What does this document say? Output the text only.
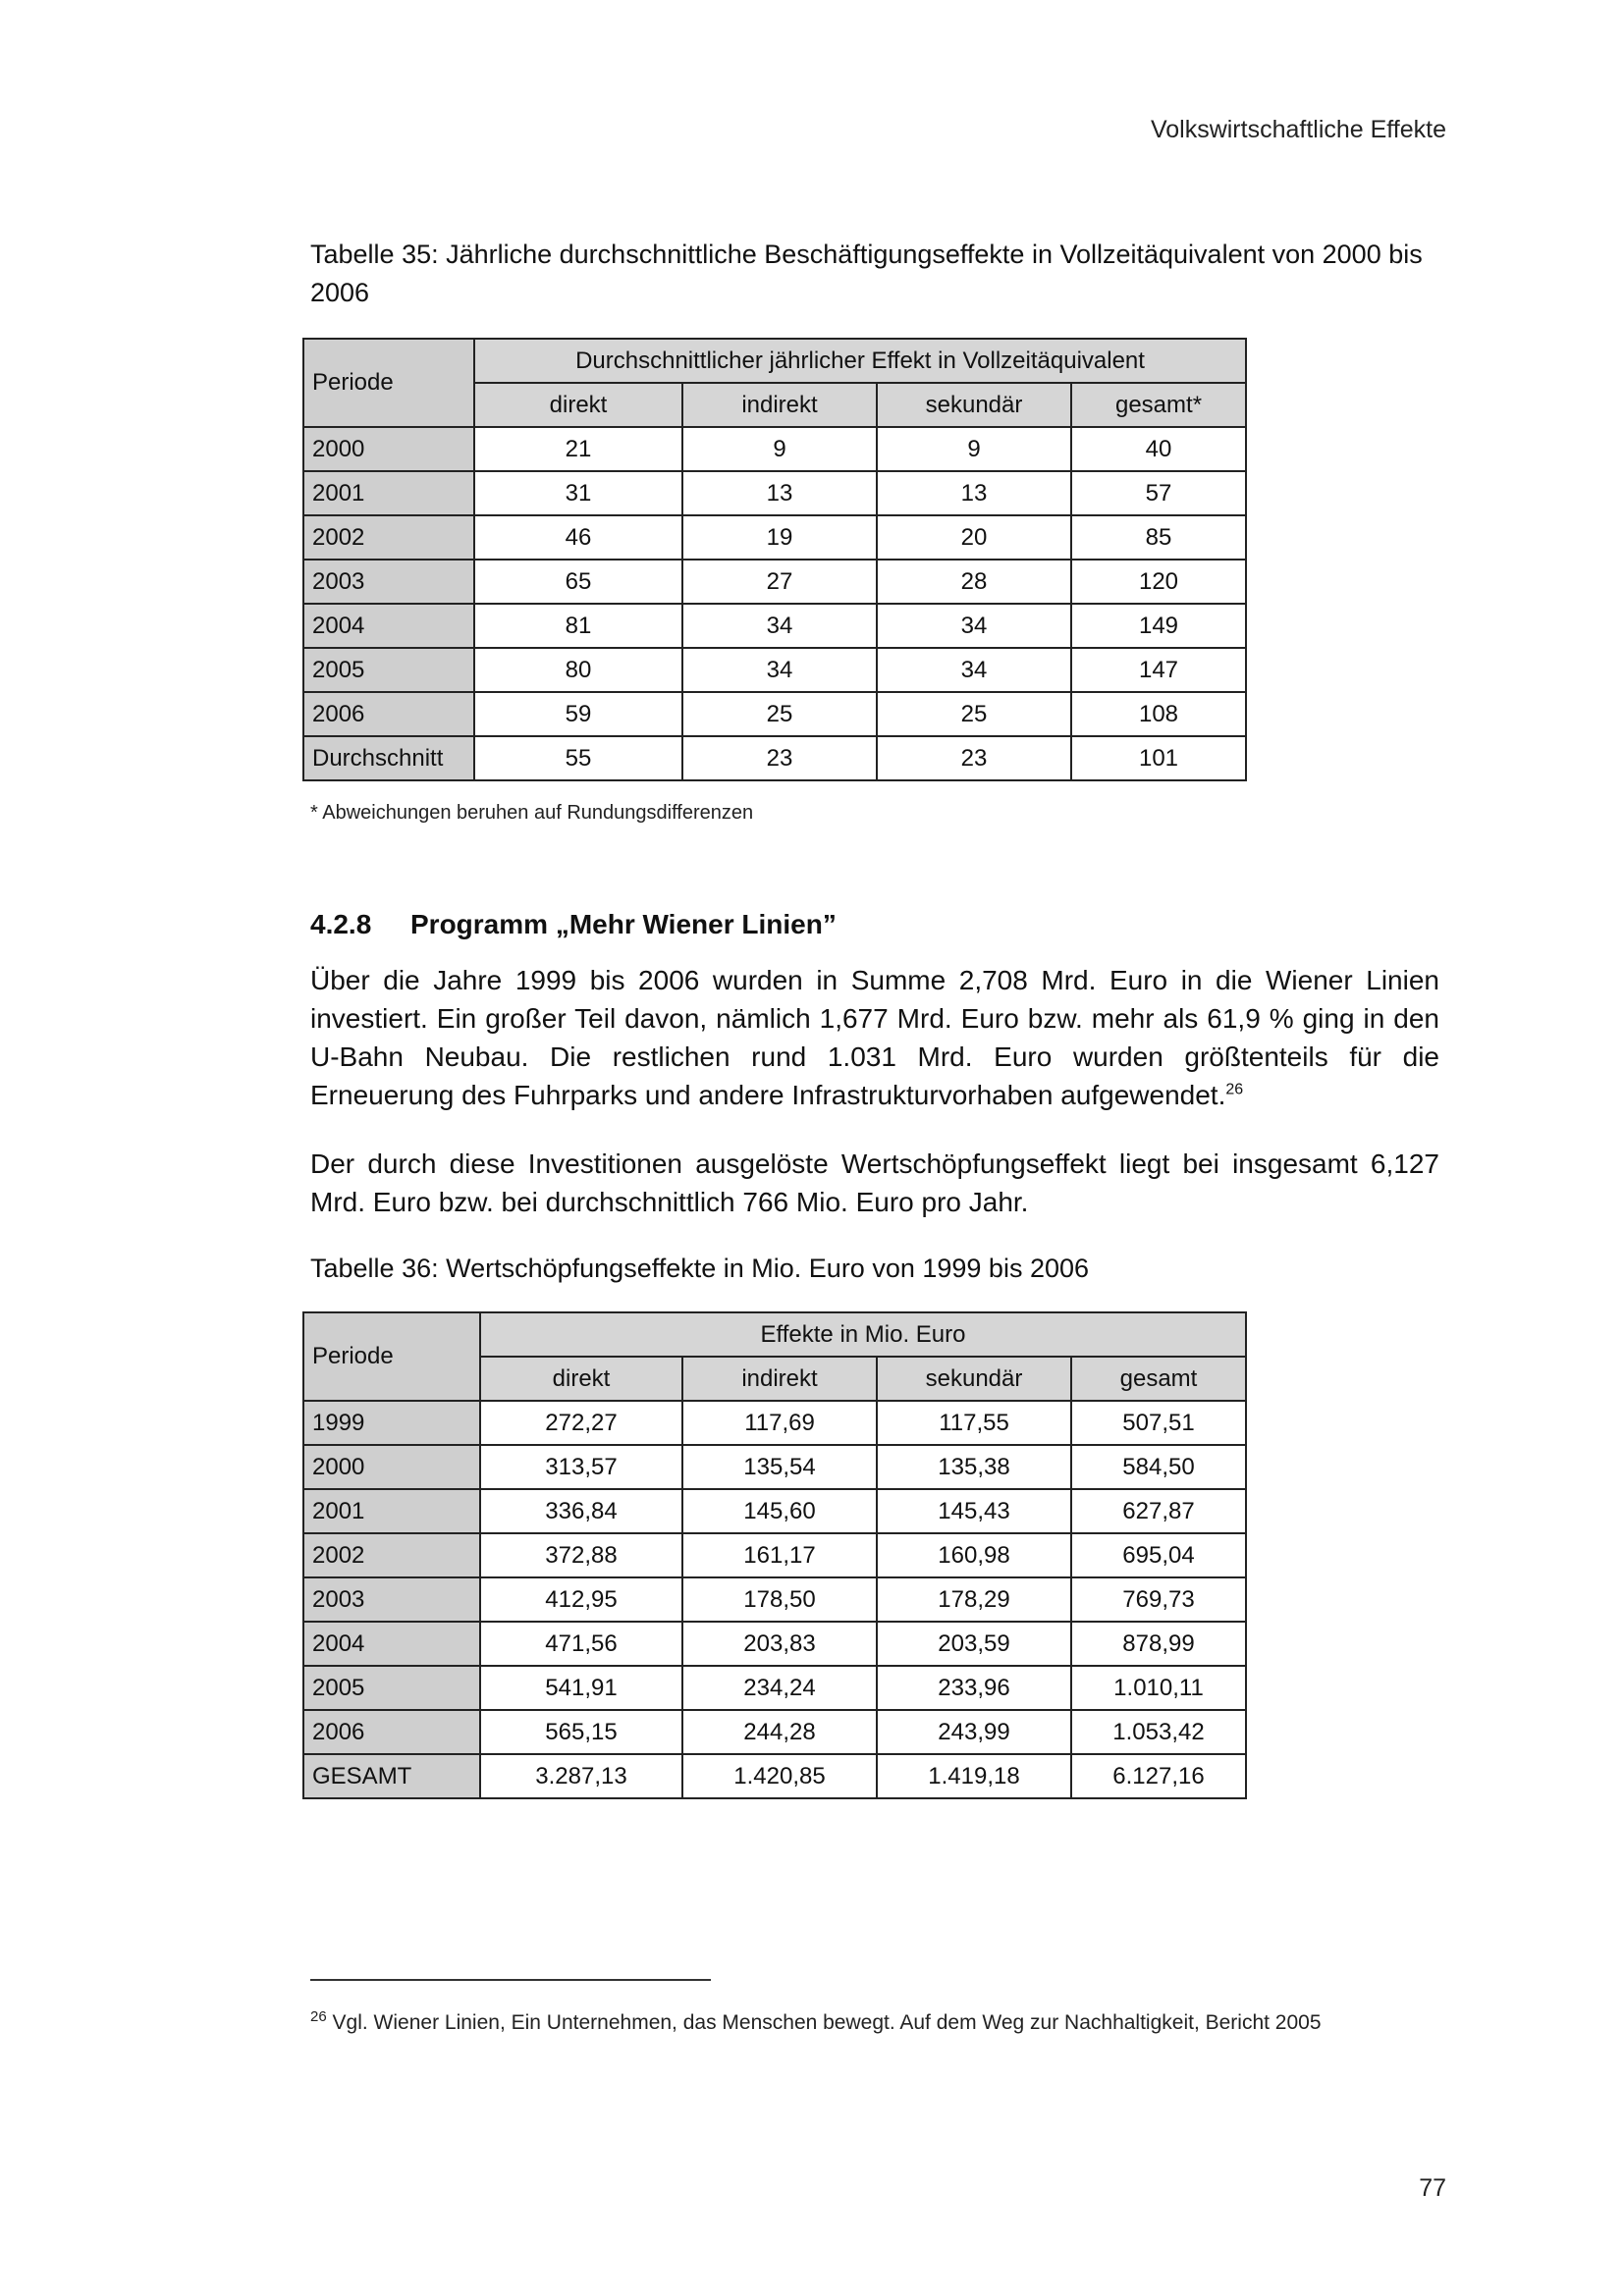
Volkswirtschaftliche Effekte
Tabelle 35: Jährliche durchschnittliche Beschäftigungseffekte in Vollzeitäquivalent von 2000 bis 2006
Periode	Durchschnittlicher jährlicher Effekt in Vollzeitäquivalent			
	direkt	indirekt	sekundär	gesamt*
2000	21	9	9	40
2001	31	13	13	57
2002	46	19	20	85
2003	65	27	28	120
2004	81	34	34	149
2005	80	34	34	147
2006	59	25	25	108
Durchschnitt	55	23	23	101
* Abweichungen beruhen auf Rundungsdifferenzen
4.2.8 Programm „Mehr Wiener Linien”
Über die Jahre 1999 bis 2006 wurden in Summe 2,708 Mrd. Euro in die Wiener Linien investiert. Ein großer Teil davon, nämlich 1,677 Mrd. Euro bzw. mehr als 61,9 % ging in den U-Bahn Neubau. Die restlichen rund 1.031 Mrd. Euro wurden größtenteils für die Erneuerung des Fuhrparks und andere Infrastrukturvorhaben aufgewendet.$^{26}$
Der durch diese Investitionen ausgelöste Wertschöpfungseffekt liegt bei insgesamt 6,127 Mrd. Euro bzw. bei durchschnittlich 766 Mio. Euro pro Jahr.
Tabelle 36: Wertschöpfungseffekte in Mio. Euro von 1999 bis 2006
Periode	Effekte in Mio. Euro			
	direkt	indirekt	sekundär	gesamt
1999	272,27	117,69	117,55	507,51
2000	313,57	135,54	135,38	584,50
2001	336,84	145,60	145,43	627,87
2002	372,88	161,17	160,98	695,04
2003	412,95	178,50	178,29	769,73
2004	471,56	203,83	203,59	878,99
2005	541,91	234,24	233,96	1.010,11
2006	565,15	244,28	243,99	1.053,42
GESAMT	3.287,13	1.420,85	1.419,18	6.127,16
$^{26}$ Vgl. Wiener Linien, Ein Unternehmen, das Menschen bewegt. Auf dem Weg zur Nachhaltigkeit, Bericht 2005
77
